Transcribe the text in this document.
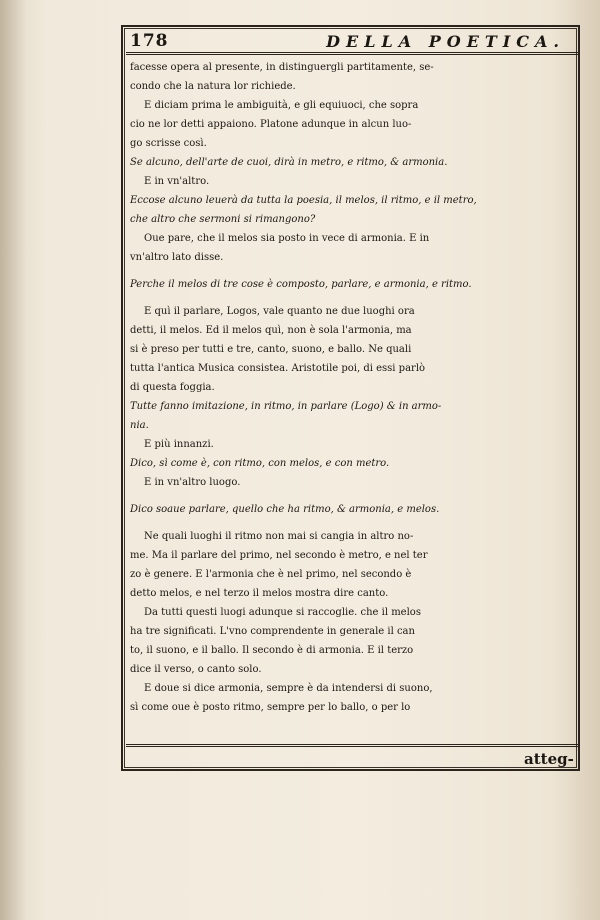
178	DELLA POETICA.
facesse opera al presente, in distinguergli partitamente, se-
condo che la natura lor richiede.
E diciam prima le ambiguità, e gli equiuoci, che sopra
cio ne lor detti appaiono. Platone adunque in alcun luo-
go scrisse così.
Se alcuno, dell'arte de cuoi, dirà in metro, e ritmo, & armonia.
E in vn'altro.
Eccose alcuno leuerà da tutta la poesia, il melos, il ritmo, e il metro,
che altro che sermoni si rimangono?
Oue pare, che il melos sia posto in vece di armonia. E in
vn'altro lato disse.
Perche il melos di tre cose è composto, parlare, e armonia, e ritmo.
E quì il parlare, Logos, vale quanto ne due luoghi ora
detti, il melos. Ed il melos quì, non è sola l'armonia, ma
si è preso per tutti e tre, canto, suono, e ballo. Ne quali
tutta l'antica Musica consistea. Aristotile poi, di essi parlò
di questa foggia.
Tutte fanno imitazione, in ritmo, in parlare (Logo) & in armo-
nia.
E più innanzi.
Dico, sì come è, con ritmo, con melos, e con metro.
E in vn'altro luogo.
Dico soaue parlare, quello che ha ritmo, & armonia, e melos.
Ne quali luoghi il ritmo non mai si cangia in altro no-
me. Ma il parlare del primo, nel secondo è metro, e nel ter
zo è genere. E l'armonia che è nel primo, nel secondo è
detto melos, e nel terzo il melos mostra dire canto.
Da tutti questi luogi adunque si raccoglie. che il melos
ha tre significati. L'vno comprendente in generale il can
to, il suono, e il ballo. Il secondo è di armonia. E il terzo
dice il verso, o canto solo.
E doue si dice armonia, sempre è da intendersi di suono,
sì come oue è posto ritmo, sempre per lo ballo, o per lo
atteg-
